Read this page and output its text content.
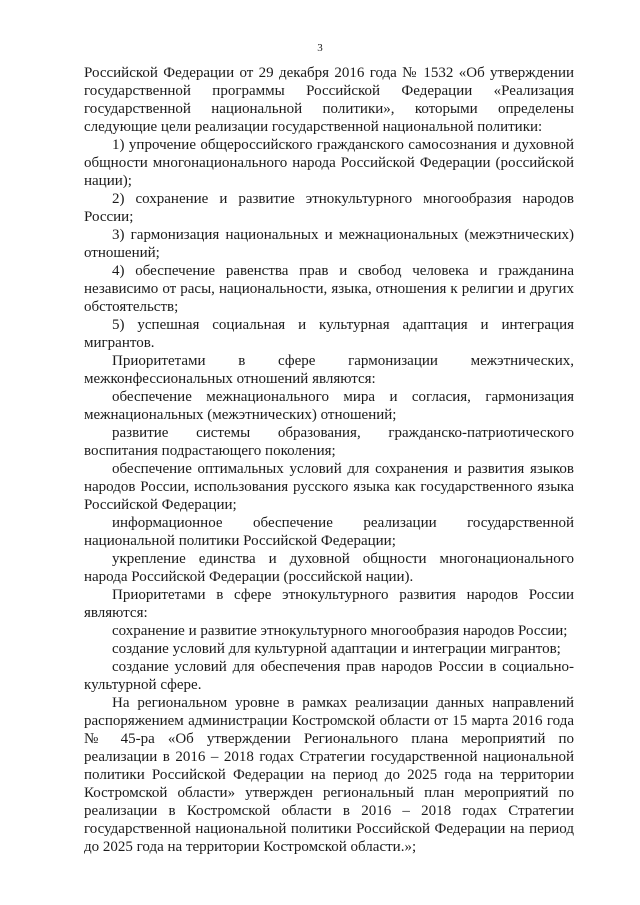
3

Российской Федерации от 29 декабря 2016 года № 1532 «Об утверждении государственной программы Российской Федерации «Реализация государственной национальной политики», которыми определены следующие цели реализации государственной национальной политики:

1) упрочение общероссийского гражданского самосознания и духовной общности многонационального народа Российской Федерации (российской нации);

2) сохранение и развитие этнокультурного многообразия народов России;

3) гармонизация национальных и межнациональных (межэтнических) отношений;

4) обеспечение равенства прав и свобод человека и гражданина независимо от расы, национальности, языка, отношения к религии и других обстоятельств;

5) успешная социальная и культурная адаптация и интеграция мигрантов.

Приоритетами в сфере гармонизации межэтнических, межконфессиональных отношений являются:

обеспечение межнационального мира и согласия, гармонизация межнациональных (межэтнических) отношений;

развитие системы образования, гражданско-патриотического воспитания подрастающего поколения;

обеспечение оптимальных условий для сохранения и развития языков народов России, использования русского языка как государственного языка Российской Федерации;

информационное обеспечение реализации государственной национальной политики Российской Федерации;

укрепление единства и духовной общности многонационального народа Российской Федерации (российской нации).

Приоритетами в сфере этнокультурного развития народов России являются:

сохранение и развитие этнокультурного многообразия народов России;

создание условий для культурной адаптации и интеграции мигрантов;

создание условий для обеспечения прав народов России в социально-культурной сфере.

На региональном уровне в рамках реализации данных направлений распоряжением администрации Костромской области от 15 марта 2016 года № 45-ра «Об утверждении Регионального плана мероприятий по реализации в 2016 – 2018 годах Стратегии государственной национальной политики Российской Федерации на период до 2025 года на территории Костромской области» утвержден региональный план мероприятий по реализации в Костромской области в 2016 – 2018 годах Стратегии государственной национальной политики Российской Федерации на период до 2025 года на территории Костромской области.»;
